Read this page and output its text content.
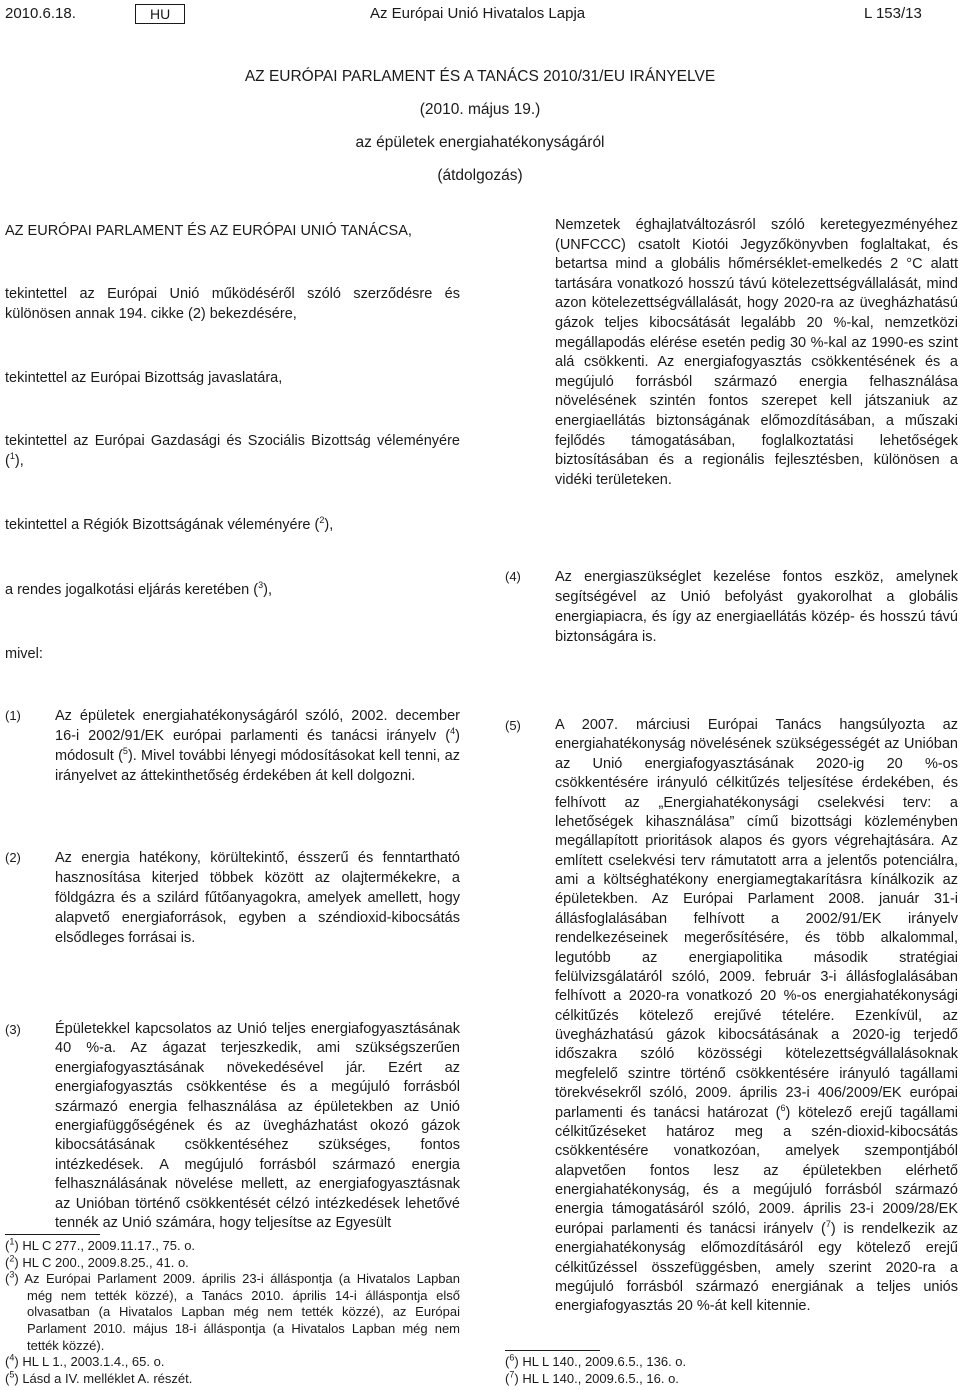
2010.6.18.	HU	Az Európai Unió Hivatalos Lapja	L 153/13
AZ EURÓPAI PARLAMENT ÉS A TANÁCS 2010/31/EU IRÁNYELVE
(2010. május 19.)
az épületek energiahatékonyságáról
(átdolgozás)
AZ EURÓPAI PARLAMENT ÉS AZ EURÓPAI UNIÓ TANÁCSA,
tekintettel az Európai Unió működéséről szóló szerződésre és különösen annak 194. cikke (2) bekezdésére,
tekintettel az Európai Bizottság javaslatára,
tekintettel az Európai Gazdasági és Szociális Bizottság véleményére ($^1$),
tekintettel a Régiók Bizottságának véleményére ($^2$),
a rendes jogalkotási eljárás keretében ($^3$),
mivel:
Nemzetek éghajlatváltozásról szóló keretegyezményéhez (UNFCCC) csatolt Kiotói Jegyzőkönyvben foglaltakat, és betartsa mind a globális hőmérséklet-emelkedés 2 °C alatt tartására vonatkozó hosszú távú kötelezettségvállalását, mind azon kötelezettségvállalását, hogy 2020-ra az üvegházhatású gázok teljes kibocsátását legalább 20 %-kal, nemzetközi megállapodás elérése esetén pedig 30 %-kal az 1990-es szint alá csökkenti. Az energiafogyasztás csökkentésének és a megújuló forrásból származó energia felhasználása növelésének szintén fontos szerepet kell játszaniuk az energiaellátás biztonságának előmozdításában, a műszaki fejlődés támogatásában, foglalkoztatási lehetőségek biztosításában és a regionális fejlesztésben, különösen a vidéki területeken.
(4) Az energiaszükséglet kezelése fontos eszköz, amelynek segítségével az Unió befolyást gyakorolhat a globális energiapiacra, és így az energiaellátás közép- és hosszú távú biztonságára is.
(1) Az épületek energiahatékonyságáról szóló, 2002. december 16-i 2002/91/EK európai parlamenti és tanácsi irányelv ($^4$) módosult ($^5$). Mivel további lényegi módosításokat kell tenni, az irányelvet az áttekinthetőség érdekében át kell dolgozni.
(2) Az energia hatékony, körültekintő, ésszerű és fenntartható hasznosítása kiterjed többek között az olajtermékekre, a földgázra és a szilárd fűtőanyagokra, amelyek amellett, hogy alapvető energiaforrások, egyben a széndioxid-kibocsátás elsődleges forrásai is.
(3) Épületekkel kapcsolatos az Unió teljes energiafogyasztásának 40 %-a. Az ágazat terjeszkedik, ami szükségszerűen energiafogyasztásának növekedésével jár. Ezért az energiafogyasztás csökkentése és a megújuló forrásból származó energia felhasználása az épületekben az Unió energiafüggőségének és az üvegházhatást okozó gázok kibocsátásának csökkentéséhez szükséges, fontos intézkedések. A megújuló forrásból származó energia felhasználásának növelése mellett, az energiafogyasztásnak az Unióban történő csökkentését célzó intézkedések lehetővé tennék az Unió számára, hogy teljesítse az Egyesült
(5) A 2007. márciusi Európai Tanács hangsúlyozta az energiahatékonyság növelésének szükségességét az Unióban az Unió energiafogyasztásának 2020-ig 20 %-os csökkentésére irányuló célkitűzés teljesítése érdekében, és felhívott az „Energiahatékonysági cselekvési terv: a lehetőségek kihasználása” című bizottsági közleményben megállapított prioritások alapos és gyors végrehajtására. Az említett cselekvési terv rámutatott arra a jelentős potenciálra, ami a költséghatékony energiamegtakarításra kínálkozik az épületekben. Az Európai Parlament 2008. január 31-i állásfoglalásában felhívott a 2002/91/EK irányelv rendelkezéseinek megerősítésére, és több alkalommal, legutóbb az energiapolitika második stratégiai felülvizsgálatáról szóló, 2009. február 3-i állásfoglalásában felhívott a 2020-ra vonatkozó 20 %-os energiahatékonysági célkitűzés kötelező erejűvé tételére. Ezenkívül, az üvegházhatású gázok kibocsátásának a 2020-ig terjedő időszakra szóló közösségi kötelezettségvállalásoknak megfelelő szintre történő csökkentésére irányuló tagállami törekvésekről szóló, 2009. április 23-i 406/2009/EK európai parlamenti és tanácsi határozat ($^6$) kötelező erejű tagállami célkitűzéseket határoz meg a szén-dioxid-kibocsátás csökkentésére vonatkozóan, amelyek szempontjából alapvetően fontos lesz az épületekben elérhető energiahatékonyság, és a megújuló forrásból származó energia támogatásáról szóló, 2009. április 23-i 2009/28/EK európai parlamenti és tanácsi irányelv ($^7$) is rendelkezik az energiahatékonyság előmozdításáról egy kötelező erejű célkitűzéssel összefüggésben, amely szerint 2020-ra a megújuló forrásból származó energiának a teljes uniós energiafogyasztás 20 %-át kell kitennie.
($^1$) HL C 277., 2009.11.17., 75. o.
($^2$) HL C 200., 2009.8.25., 41. o.
($^3$) Az Európai Parlament 2009. április 23-i álláspontja (a Hivatalos Lapban még nem tették közzé), a Tanács 2010. április 14-i álláspontja első olvasatban (a Hivatalos Lapban még nem tették közzé), az Európai Parlament 2010. május 18-i álláspontja (a Hivatalos Lapban még nem tették közzé).
($^4$) HL L 1., 2003.1.4., 65. o.
($^5$) Lásd a IV. melléklet A. részét.
($^6$) HL L 140., 2009.6.5., 136. o.
($^7$) HL L 140., 2009.6.5., 16. o.
